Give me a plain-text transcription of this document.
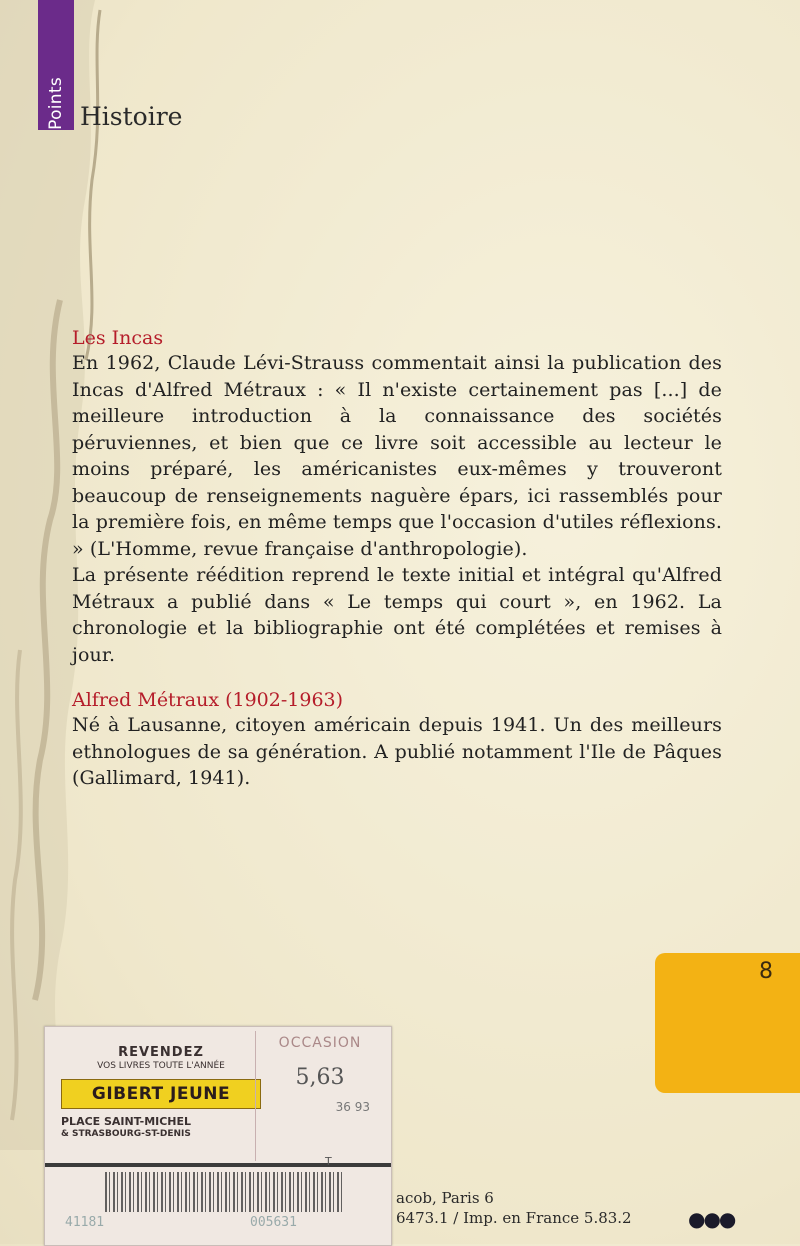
Points Histoire
Les Incas

En 1962, Claude Lévi-Strauss commentait ainsi la publication des Incas d'Alfred Métraux : « Il n'existe certainement pas [...] de meilleure introduction à la connaissance des sociétés péruviennes, et bien que ce livre soit accessible au lecteur le moins préparé, les américanistes eux-mêmes y trouveront beaucoup de renseignements naguère épars, ici rassemblés pour la première fois, en même temps que l'occasion d'utiles réflexions. » (L'Homme, revue française d'anthropologie).

La présente réédition reprend le texte initial et intégral qu'Alfred Métraux a publié dans « Le temps qui court », en 1962. La chronologie et la bibliographie ont été complétées et remises à jour.

Alfred Métraux (1902-1963)

Né à Lausanne, citoyen américain depuis 1941. Un des meilleurs ethnologues de sa génération. A publié notamment l'Ile de Pâques (Gallimard, 1941).

8
REVENDEZ
VOS LIVRES TOUTE L'ANNÉE
GIBERT JEUNE
PLACE SAINT-MICHEL
& STRASBOURG-ST-DENIS
OCCASION
5,63
36 93
T
41181	005631
acob, Paris 6
6473.1 / Imp. en France 5.83.2	●●●
